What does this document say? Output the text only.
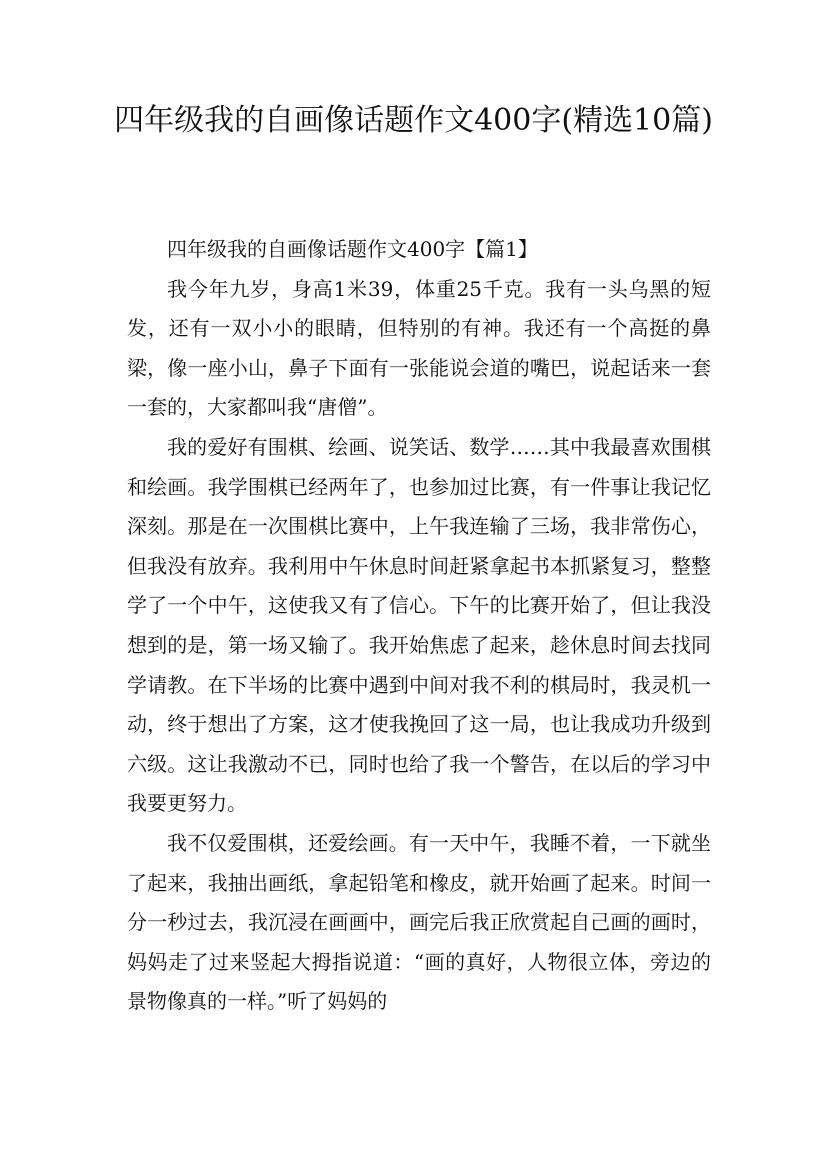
四年级我的自画像话题作文400字(精选10篇)

四年级我的自画像话题作文400字【篇1】

我今年九岁，身高1米39，体重25千克。我有一头乌黑的短发，还有一双小小的眼睛，但特别的有神。我还有一个高挺的鼻梁，像一座小山，鼻子下面有一张能说会道的嘴巴，说起话来一套一套的，大家都叫我“唐僧”。

我的爱好有围棋、绘画、说笑话、数学……其中我最喜欢围棋和绘画。我学围棋已经两年了，也参加过比赛，有一件事让我记忆深刻。那是在一次围棋比赛中，上午我连输了三场，我非常伤心，但我没有放弃。我利用中午休息时间赶紧拿起书本抓紧复习，整整学了一个中午，这使我又有了信心。下午的比赛开始了，但让我没想到的是，第一场又输了。我开始焦虑了起来，趁休息时间去找同学请教。在下半场的比赛中遇到中间对我不利的棋局时，我灵机一动，终于想出了方案，这才使我挽回了这一局，也让我成功升级到六级。这让我激动不已，同时也给了我一个警告，在以后的学习中我要更努力。

我不仅爱围棋，还爱绘画。有一天中午，我睡不着，一下就坐了起来，我抽出画纸，拿起铅笔和橡皮，就开始画了起来。时间一分一秒过去，我沉浸在画画中，画完后我正欣赏起自己画的画时，妈妈走了过来竖起大拇指说道：“画的真好，人物很立体，旁边的景物像真的一样。”听了妈妈的
